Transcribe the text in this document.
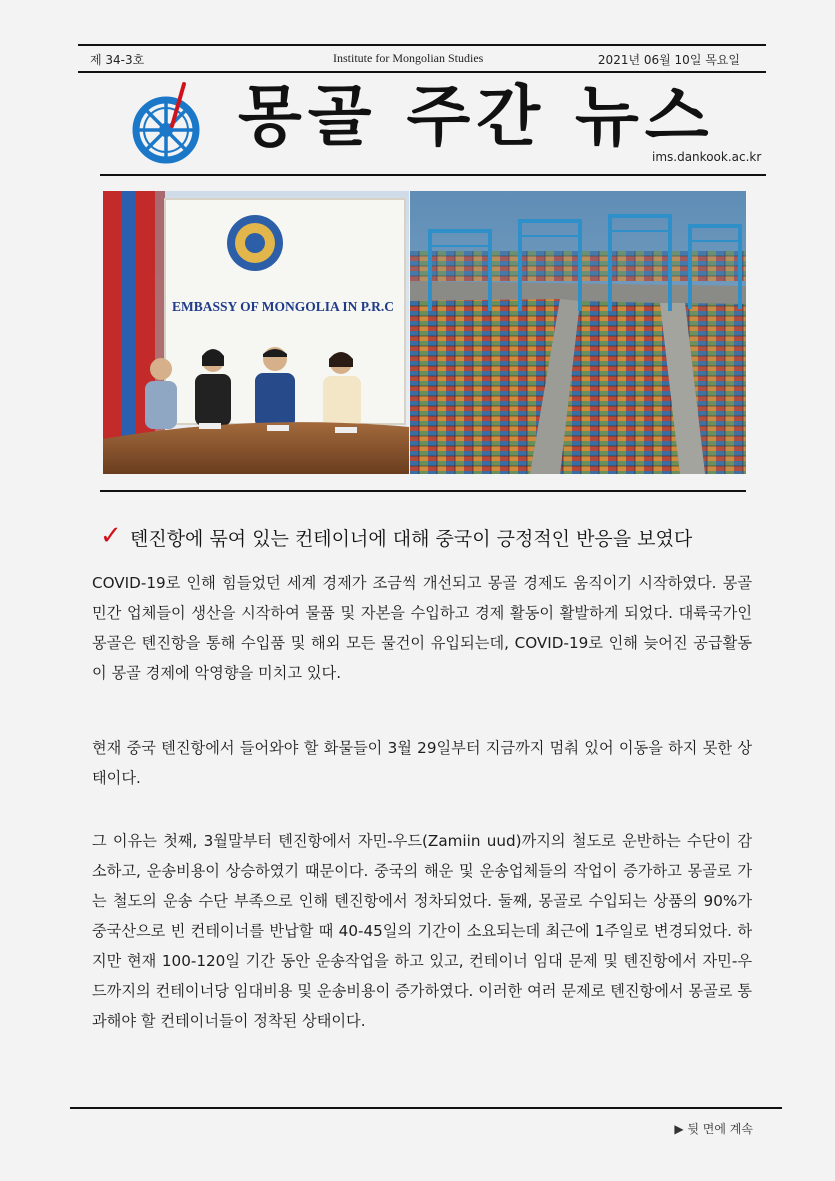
제 34-3호	Institute for Mongolian Studies	2021년 06월 10일 목요일
몽골 주간 뉴스
ims.dankook.ac.kr
EMBASSY OF MONGOLIA IN P.R.C
✓ 톈진항에 묶여 있는 컨테이너에 대해 중국이 긍정적인 반응을 보였다
COVID-19로 인해 힘들었던 세계 경제가 조금씩 개선되고 몽골 경제도 움직이기 시작하였다. 몽골 민간 업체들이 생산을 시작하여 물품 및 자본을 수입하고 경제 활동이 활발하게 되었다. 대륙국가인 몽골은 톈진항을 통해 수입품 및 해외 모든 물건이 유입되는데, COVID-19로 인해 늦어진 공급활동이 몽골 경제에 악영향을 미치고 있다.
현재 중국 톈진항에서 들어와야 할 화물들이 3월 29일부터 지금까지 멈춰 있어 이동을 하지 못한 상태이다.
그 이유는 첫째, 3월말부터 톈진항에서 자민-우드(Zamiin uud)까지의 철도로 운반하는 수단이 감소하고, 운송비용이 상승하였기 때문이다. 중국의 해운 및 운송업체들의 작업이 증가하고 몽골로 가는 철도의 운송 수단 부족으로 인해 톈진항에서 정차되었다. 둘째, 몽골로 수입되는 상품의 90%가 중국산으로 빈 컨테이너를 반납할 때 40-45일의 기간이 소요되는데 최근에 1주일로 변경되었다. 하지만 현재 100-120일 기간 동안 운송작업을 하고 있고, 컨테이너 임대 문제 및 톈진항에서 자민-우드까지의 컨테이너당 임대비용 및 운송비용이 증가하였다. 이러한 여러 문제로 톈진항에서 몽골로 통과해야 할 컨테이너들이 정착된 상태이다.
▶ 뒷 면에 계속
